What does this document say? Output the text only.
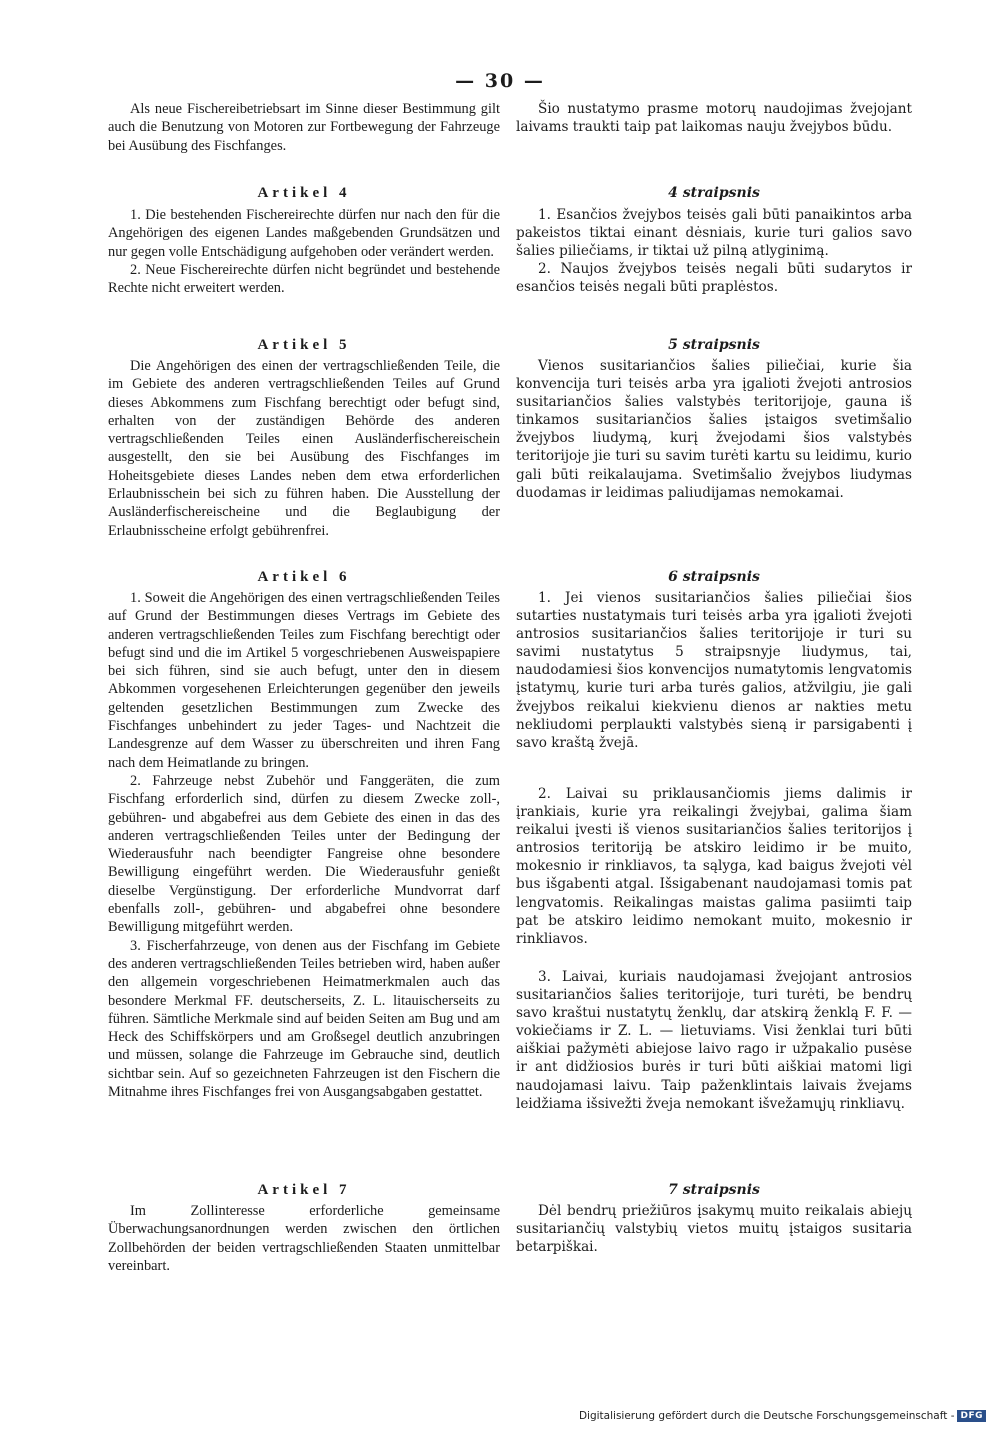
— 30 —

Als neue Fischereibetriebsart im Sinne dieser Bestimmung gilt auch die Benutzung von Motoren zur Fortbewegung der Fahrzeuge bei Ausübung des Fischfanges.

Artikel 4

1. Die bestehenden Fischereirechte dürfen nur nach den für die Angehörigen des eigenen Landes maßgebenden Grundsätzen und nur gegen volle Entschädigung aufgehoben oder verändert werden.

2. Neue Fischereirechte dürfen nicht begründet und bestehende Rechte nicht erweitert werden.

Artikel 5

Die Angehörigen des einen der vertragschließenden Teile, die im Gebiete des anderen vertragschließenden Teiles auf Grund dieses Abkommens zum Fischfang berechtigt oder befugt sind, erhalten von der zuständigen Behörde des anderen vertragschließenden Teiles einen Ausländerfischereischein ausgestellt, den sie bei Ausübung des Fischfanges im Hoheitsgebiete dieses Landes neben dem etwa erforderlichen Erlaubnisschein bei sich zu führen haben. Die Ausstellung der Ausländerfischereischeine und die Beglaubigung der Erlaubnisscheine erfolgt gebührenfrei.

Artikel 6

1. Soweit die Angehörigen des einen vertragschließenden Teiles auf Grund der Bestimmungen dieses Vertrags im Gebiete des anderen vertragschließenden Teiles zum Fischfang berechtigt oder befugt sind und die im Artikel 5 vorgeschriebenen Ausweispapiere bei sich führen, sind sie auch befugt, unter den in diesem Abkommen vorgesehenen Erleichterungen gegenüber den jeweils geltenden gesetzlichen Bestimmungen zum Zwecke des Fischfanges unbehindert zu jeder Tages- und Nachtzeit die Landesgrenze auf dem Wasser zu überschreiten und ihren Fang nach dem Heimatlande zu bringen.

2. Fahrzeuge nebst Zubehör und Fanggeräten, die zum Fischfang erforderlich sind, dürfen zu diesem Zwecke zoll-, gebühren- und abgabefrei aus dem Gebiete des einen in das des anderen vertragschließenden Teiles unter der Bedingung der Wiederausfuhr nach beendigter Fangreise ohne besondere Bewilligung eingeführt werden. Die Wiederausfuhr genießt dieselbe Vergünstigung. Der erforderliche Mundvorrat darf ebenfalls zoll-, gebühren- und abgabefrei ohne besondere Bewilligung mitgeführt werden.

3. Fischerfahrzeuge, von denen aus der Fischfang im Gebiete des anderen vertragschließenden Teiles betrieben wird, haben außer den allgemein vorgeschriebenen Heimatmerkmalen auch das besondere Merkmal FF. deutscherseits, Z. L. litauischerseits zu führen. Sämtliche Merkmale sind auf beiden Seiten am Bug und am Heck des Schiffskörpers und am Großsegel deutlich anzubringen und müssen, solange die Fahrzeuge im Gebrauche sind, deutlich sichtbar sein. Auf so gezeichneten Fahrzeugen ist den Fischern die Mitnahme ihres Fischfanges frei von Ausgangsabgaben gestattet.

Artikel 7

Im Zollinteresse erforderliche gemeinsame Überwachungsanordnungen werden zwischen den örtlichen Zollbehörden der beiden vertragschließenden Staaten unmittelbar vereinbart.

Šio nustatymo prasme motorų naudojimas žvejojant laivams traukti taip pat laikomas nauju žvejybos būdu.

4 straipsnis

1. Esančios žvejybos teisės gali būti panaikintos arba pakeistos tiktai einant dėsniais, kurie turi galios savo šalies piliečiams, ir tiktai už pilną atlyginimą.

2. Naujos žvejybos teisės negali būti sudarytos ir esančios teisės negali būti praplėstos.

5 straipsnis

Vienos susitariančios šalies piliečiai, kurie šia konvencija turi teisės arba yra įgalioti žvejoti antrosios susitariančios šalies valstybės teritorijoje, gauna iš tinkamos susitariančios šalies įstaigos svetimšalio žvejybos liudymą, kurį žvejodami šios valstybės teritorijoje jie turi su savim turėti kartu su leidimu, kurio gali būti reikalaujama. Svetimšalio žvejybos liudymas duodamas ir leidimas paliudijamas nemokamai.

6 straipsnis

1. Jei vienos susitariančios šalies piliečiai šios sutarties nustatymais turi teisės arba yra įgalioti žvejoti antrosios susitariančios šalies teritorijoje ir turi su savimi nustatytus 5 straipsnyje liudymus, tai, naudodamiesi šios konvencijos numatytomis lengvatomis įstatymų, kurie turi arba turės galios, atžvilgiu, jie gali žvejybos reikalui kiekvienu dienos ar nakties metu nekliudomi perplaukti valstybės sieną ir parsigabenti į savo kraštą žvejā.

2. Laivai su priklausančiomis jiems dalimis ir įrankiais, kurie yra reikalingi žvejybai, galima šiam reikalui įvesti iš vienos susitariančios šalies teritorijos į antrosios teritoriją be atskiro leidimo ir be muito, mokesnio ir rinkliavos, ta sąlyga, kad baigus žvejoti vėl bus išgabenti atgal. Išsigabenant naudojamasi tomis pat lengvatomis. Reikalingas maistas galima pasiimti taip pat be atskiro leidimo nemokant muito, mokesnio ir rinkliavos.

3. Laivai, kuriais naudojamasi žvejojant antrosios susitariančios šalies teritorijoje, turi turėti, be bendrų savo kraštui nustatytų ženklų, dar atskirą ženklą F. F. — vokiečiams ir Z. L. — lietuviams. Visi ženklai turi būti aiškiai pažymėti abiejose laivo rago ir užpakalio pusėse ir ant didžiosios burės ir turi būti aiškiai matomi ligi naudojamasi laivu. Taip paženklintais laivais žvejams leidžiama išsivežti žveja nemokant išvežamųjų rinkliavų.

7 straipsnis

Dėl bendrų priežiūros įsakymų muito reikalais abiejų susitariančių valstybių vietos muitų įstaigos susitaria betarpiškai.

Digitalisierung gefördert durch die Deutsche Forschungsgemeinschaft - DFG
